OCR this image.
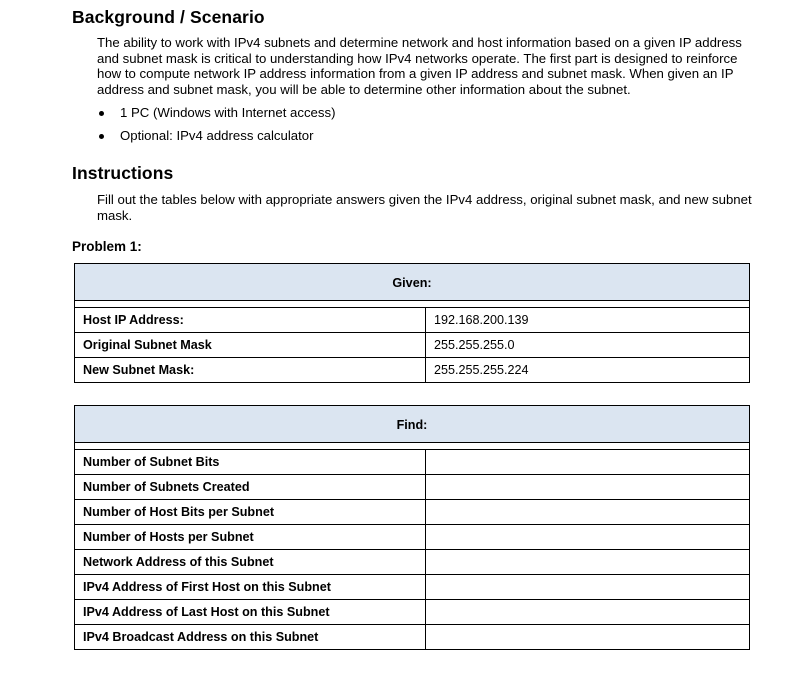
Background / Scenario
The ability to work with IPv4 subnets and determine network and host information based on a given IP address and subnet mask is critical to understanding how IPv4 networks operate. The first part is designed to reinforce how to compute network IP address information from a given IP address and subnet mask. When given an IP address and subnet mask, you will be able to determine other information about the subnet.
1 PC (Windows with Internet access)
Optional: IPv4 address calculator
Instructions
Fill out the tables below with appropriate answers given the IPv4 address, original subnet mask, and new subnet mask.
Problem 1:
Given:	

Host IP Address:	192.168.200.139
Original Subnet Mask	255.255.255.0
New Subnet Mask:	255.255.255.224
Find:	

Number of Subnet Bits	
Number of Subnets Created	
Number of Host Bits per Subnet	
Number of Hosts per Subnet	
Network Address of this Subnet	
IPv4 Address of First Host on this Subnet	
IPv4 Address of Last Host on this Subnet	
IPv4 Broadcast Address on this Subnet	
